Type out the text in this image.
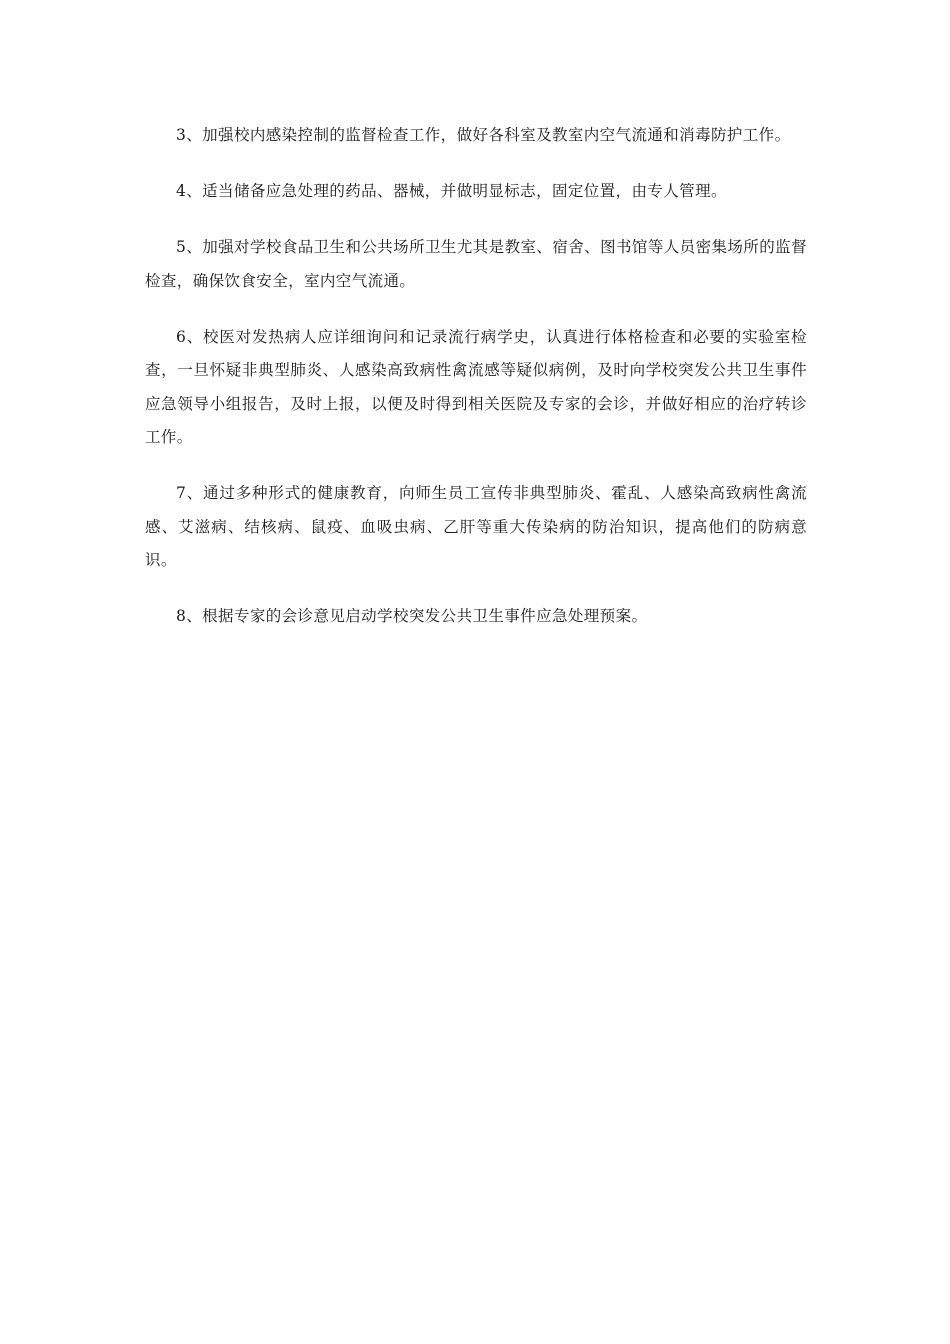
3、加强校内感染控制的监督检查工作，做好各科室及教室内空气流通和消毒防护工作。

4、适当储备应急处理的药品、器械，并做明显标志，固定位置，由专人管理。

5、加强对学校食品卫生和公共场所卫生尤其是教室、宿舍、图书馆等人员密集场所的监督检查，确保饮食安全，室内空气流通。

6、校医对发热病人应详细询问和记录流行病学史，认真进行体格检查和必要的实验室检查，一旦怀疑非典型肺炎、人感染高致病性禽流感等疑似病例，及时向学校突发公共卫生事件应急领导小组报告，及时上报，以便及时得到相关医院及专家的会诊，并做好相应的治疗转诊工作。

7、通过多种形式的健康教育，向师生员工宣传非典型肺炎、霍乱、人感染高致病性禽流感、艾滋病、结核病、鼠疫、血吸虫病、乙肝等重大传染病的防治知识，提高他们的防病意识。

8、根据专家的会诊意见启动学校突发公共卫生事件应急处理预案。
